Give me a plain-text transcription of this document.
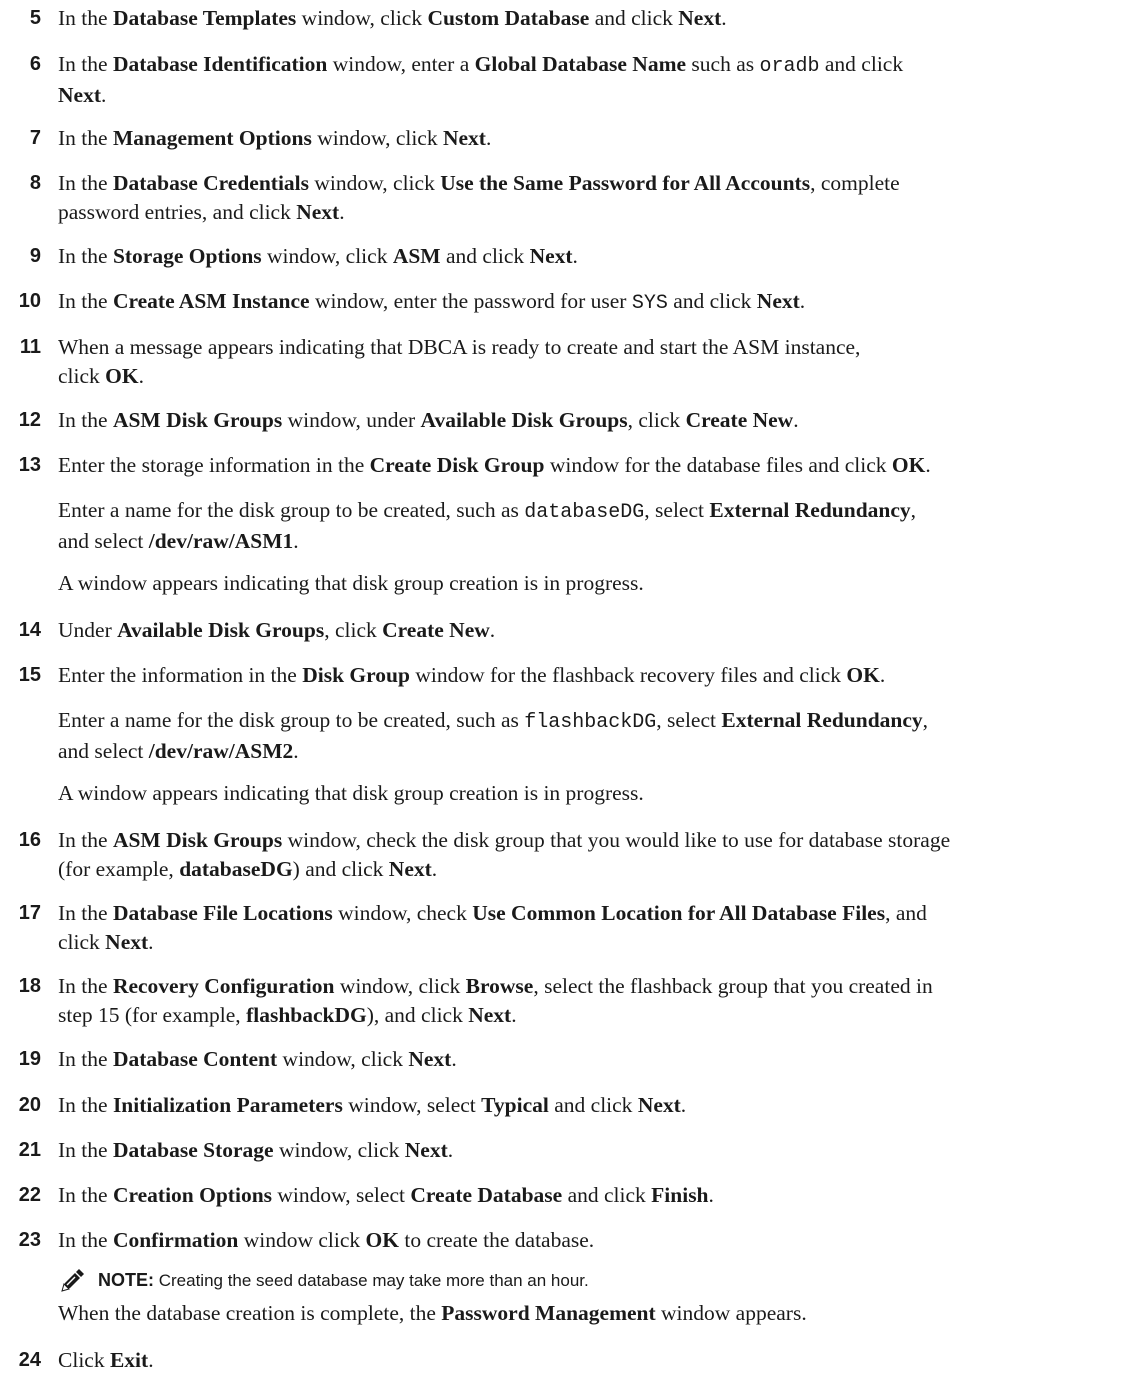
5 In the Database Templates window, click Custom Database and click Next.
6 In the Database Identification window, enter a Global Database Name such as oradb and click
Next.
7 In the Management Options window, click Next.
8 In the Database Credentials window, click Use the Same Password for All Accounts, complete
password entries, and click Next.
9 In the Storage Options window, click ASM and click Next.
10 In the Create ASM Instance window, enter the password for user SYS and click Next.
11 When a message appears indicating that DBCA is ready to create and start the ASM instance,
click OK.
12 In the ASM Disk Groups window, under Available Disk Groups, click Create New.
13 Enter the storage information in the Create Disk Group window for the database files and click OK.
Enter a name for the disk group to be created, such as databaseDG, select External Redundancy,
and select /dev/raw/ASM1.
A window appears indicating that disk group creation is in progress.
14 Under Available Disk Groups, click Create New.
15 Enter the information in the Disk Group window for the flashback recovery files and click OK.
Enter a name for the disk group to be created, such as flashbackDG, select External Redundancy,
and select /dev/raw/ASM2.
A window appears indicating that disk group creation is in progress.
16 In the ASM Disk Groups window, check the disk group that you would like to use for database storage
(for example, databaseDG) and click Next.
17 In the Database File Locations window, check Use Common Location for All Database Files, and
click Next.
18 In the Recovery Configuration window, click Browse, select the flashback group that you created in
step 15 (for example, flashbackDG), and click Next.
19 In the Database Content window, click Next.
20 In the Initialization Parameters window, select Typical and click Next.
21 In the Database Storage window, click Next.
22 In the Creation Options window, select Create Database and click Finish.
23 In the Confirmation window click OK to create the database.
NOTE: Creating the seed database may take more than an hour.
When the database creation is complete, the Password Management window appears.
24 Click Exit.
